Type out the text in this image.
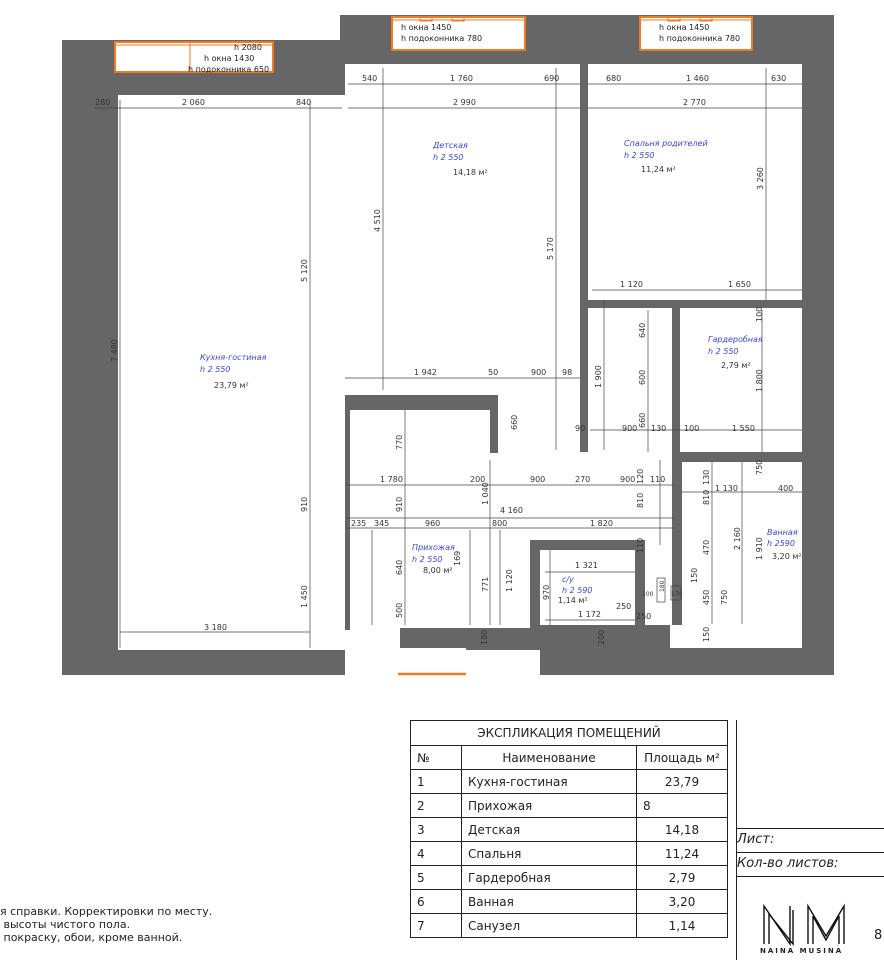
h окна 1450
h подоконника 780
h окна 1450
h подоконника 780
h 2080
h окна 1430
h подоконника 650
280	2 060	840
540	1 760	690
2 990
680	1 460	630
2 770
7 480
5 120
910
1 450
3 180
4 510
5 170
3 260
1 120	1 650
1 942	50	900 98	1 900
640
600
660	660
90	900 130
100
1 800
100	1 550
770
1 780	200	900	270	900 120 110
1 040	810
910	4 160
235 345	960	800	1 820
640
500
169
771 1 120
110
1 321
970
1 172
250
250
180	200
130
810
1 130	400
750
470	2 160 1 910
150
450 750
150
100	170
180
Кухня-гостиная
h 2 550
23,79 м²
Детская
h 2 550
14,18 м²
Спальня родителей
h 2 550
11,24 м²
Гардеробная
h 2 550
2,79 м²
Ванная
h 2590
3,20 м²
Прихожая
h 2 550
8,00 м²
с/у
h 2 590
1,14 м²
ЭКСПЛИКАЦИЯ ПОМЕЩЕНИЙ		
№	Наименование	Площадь м²
1	Кухня-гостиная	23,79
2	Прихожая	8
3	Детская	14,18
4	Спальня	11,24
5	Гардеробная	2,79
6	Ванная	3,20
7	Санузел	1,14
Лист:
Кол-во листов:
NAINA MUSINA
8
я справки. Корректировки по месту.
высоты чистого пола.
покраску, обои, кроме ванной.
